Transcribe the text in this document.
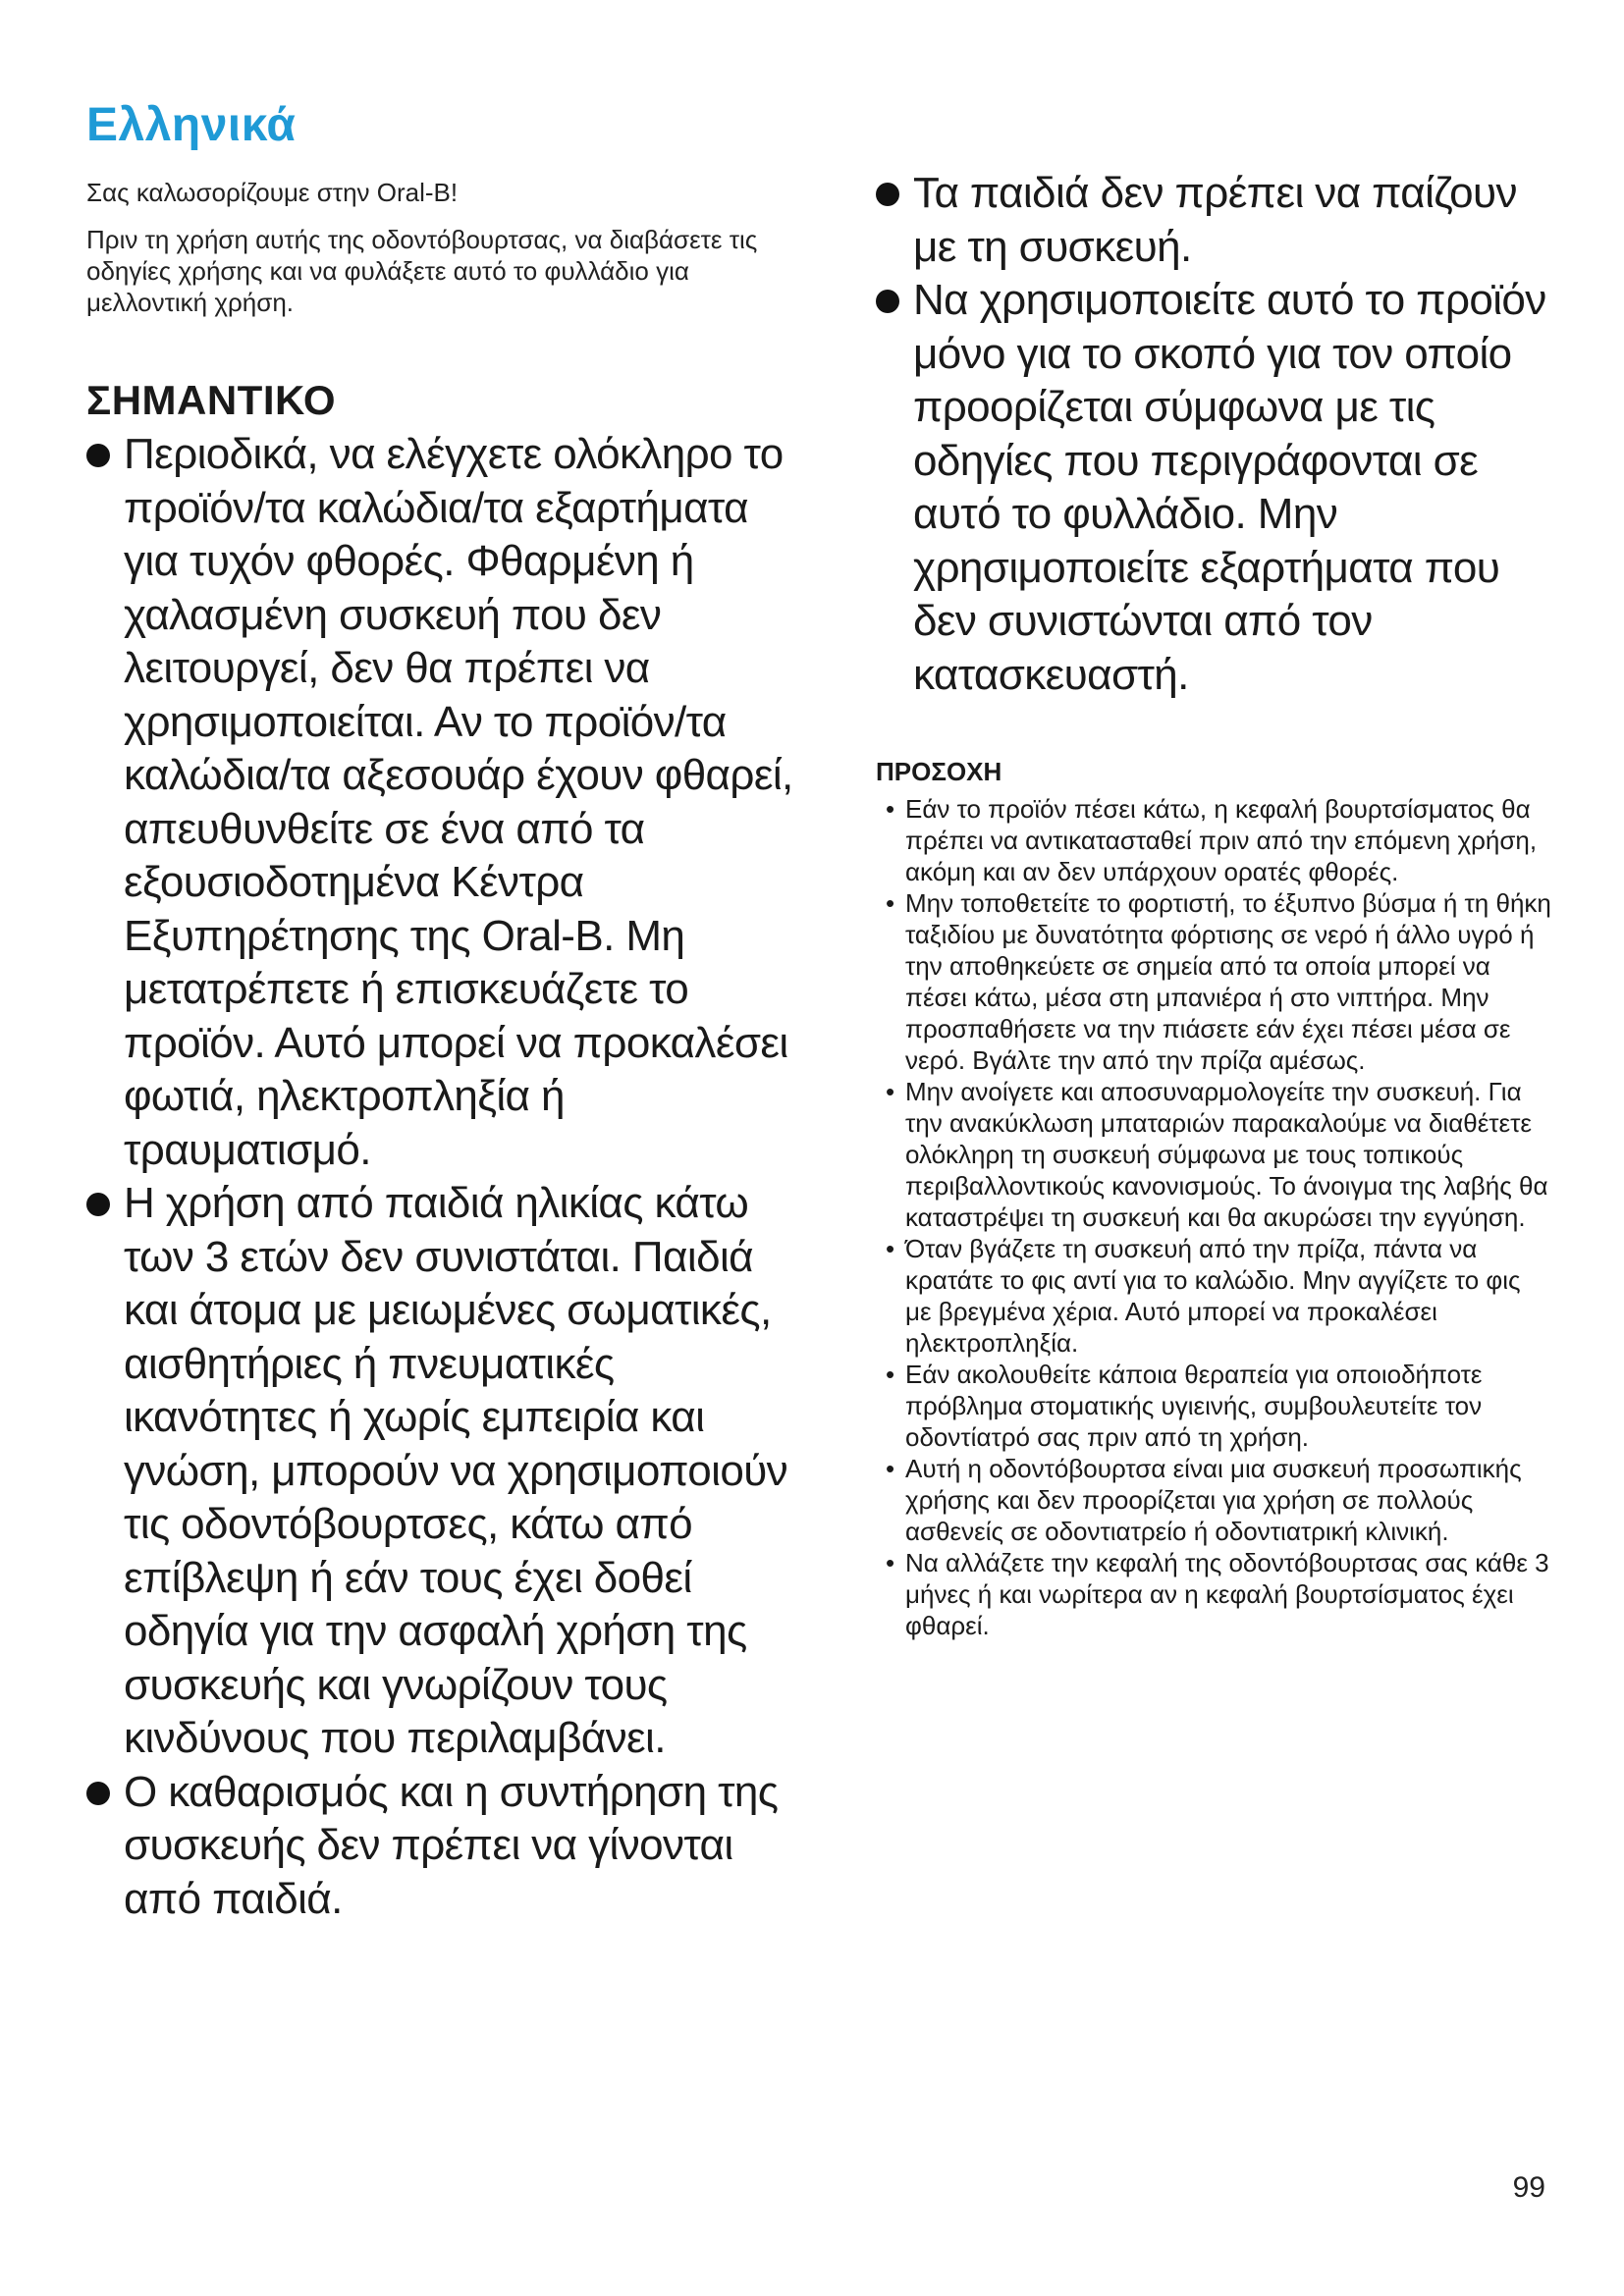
Ελληνικά

Σας καλωσορίζουμε στην Oral-B!

Πριν τη χρήση αυτής της οδοντόβουρτσας, να διαβάσετε τις οδηγίες χρήσης και να φυλάξετε αυτό το φυλλάδιο για μελλοντική χρήση.

ΣΗΜΑΝΤΙΚΟ
Περιοδικά, να ελέγχετε ολόκληρο το προϊόν/τα καλώδια/τα εξαρτήματα για τυχόν φθορές. Φθαρμένη ή χαλασμένη συσκευή που δεν λειτουργεί, δεν θα πρέπει να χρησιμοποιείται. Αν το προϊόν/τα καλώδια/τα αξεσουάρ έχουν φθαρεί, απευθυνθείτε σε ένα από τα εξουσιοδοτημένα Κέντρα Εξυπηρέτησης της Oral-B. Μη μετατρέπετε ή επισκευάζετε το προϊόν. Αυτό μπορεί να προκαλέσει φωτιά, ηλεκτροπληξία ή τραυματισμό.
Η χρήση από παιδιά ηλικίας κάτω των 3 ετών δεν συνιστάται. Παιδιά και άτομα με μειωμένες σωματικές, αισθητήριες ή πνευματικές ικανότητες ή χωρίς εμπειρία και γνώση, μπορούν να χρησιμοποιούν τις οδοντόβουρτσες, κάτω από επίβλεψη ή εάν τους έχει δοθεί οδηγία για την ασφαλή χρήση της συσκευής και γνωρίζουν τους κινδύνους που περιλαμβάνει.
Ο καθαρισμός και η συντήρηση της συσκευής δεν πρέπει να γίνονται από παιδιά.
Τα παιδιά δεν πρέπει να παίζουν με τη συσκευή.
Να χρησιμοποιείτε αυτό το προϊόν μόνο για το σκοπό για τον οποίο προορίζεται σύμφωνα με τις οδηγίες που περιγράφονται σε αυτό το φυλλάδιο. Μην χρησιμοποιείτε εξαρτήματα που δεν συνιστώνται από τον κατασκευαστή.
ΠΡΟΣΟΧΗ
• Εάν το προϊόν πέσει κάτω, η κεφαλή βουρτσίσματος θα πρέπει να αντικατασταθεί πριν από την επόμενη χρήση, ακόμη και αν δεν υπάρχουν ορατές φθορές.
• Μην τοποθετείτε το φορτιστή, το έξυπνο βύσμα ή τη θήκη ταξιδίου με δυνατότητα φόρτισης σε νερό ή άλλο υγρό ή την αποθηκεύετε σε σημεία από τα οποία μπορεί να πέσει κάτω, μέσα στη μπανιέρα ή στο νιπτήρα. Μην προσπαθήσετε να την πιάσετε εάν έχει πέσει μέσα σε νερό. Βγάλτε την από την πρίζα αμέσως.
• Μην ανοίγετε και αποσυναρμολογείτε την συσκευή. Για την ανακύκλωση μπαταριών παρακαλούμε να διαθέτετε ολόκληρη τη συσκευή σύμφωνα με τους τοπικούς περιβαλλοντικούς κανονισμούς. Το άνοιγμα της λαβής θα καταστρέψει τη συσκευή και θα ακυρώσει την εγγύηση.
• Όταν βγάζετε τη συσκευή από την πρίζα, πάντα να κρατάτε το φις αντί για το καλώδιο. Μην αγγίζετε το φις με βρεγμένα χέρια. Αυτό μπορεί να προκαλέσει ηλεκτροπληξία.
• Εάν ακολουθείτε κάποια θεραπεία για οποιοδήποτε πρόβλημα στοματικής υγιεινής, συμβουλευτείτε τον οδοντίατρό σας πριν από τη χρήση.
• Αυτή η οδοντόβουρτσα είναι μια συσκευή προσωπικής χρήσης και δεν προορίζεται για χρήση σε πολλούς ασθενείς σε οδοντιατρείο ή οδοντιατρική κλινική.
• Να αλλάζετε την κεφαλή της οδοντόβουρτσας σας κάθε 3 μήνες ή και νωρίτερα αν η κεφαλή βουρτσίσματος έχει φθαρεί.
99
